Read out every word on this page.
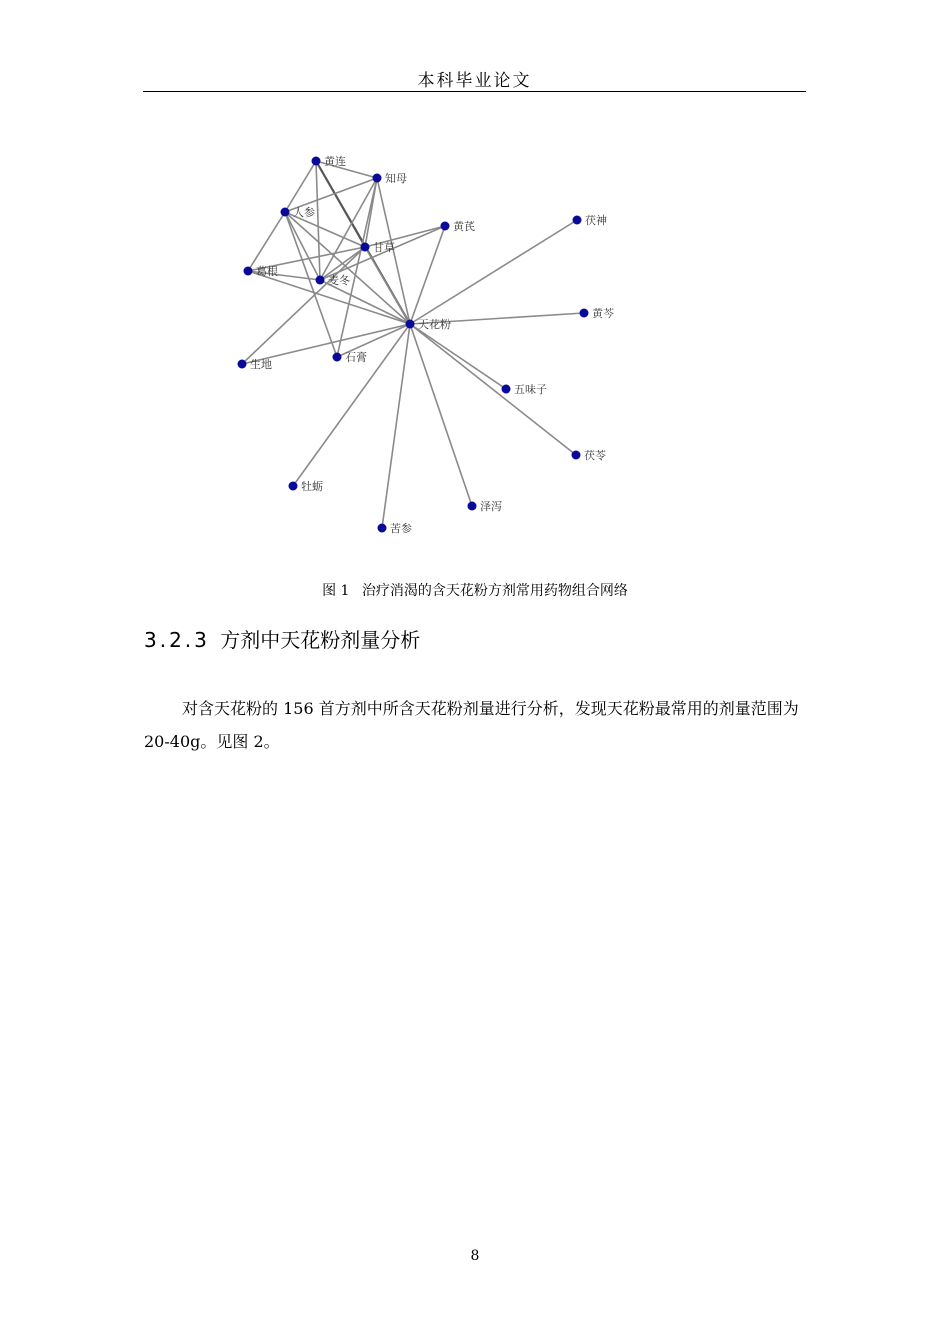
本科毕业论文
黄连
知母
人参
黄芪	茯神
甘草
葛根
麦冬
天花粉
黄芩
生地
石膏
五味子
茯苓
牡蛎
泽泻
苦参
图 1 治疗消渴的含天花粉方剂常用药物组合网络
3.2.3 方剂中天花粉剂量分析

对含天花粉的 156 首方剂中所含天花粉剂量进行分析，发现天花粉最常用的剂量范围为 20-40g。见图 2。

8
